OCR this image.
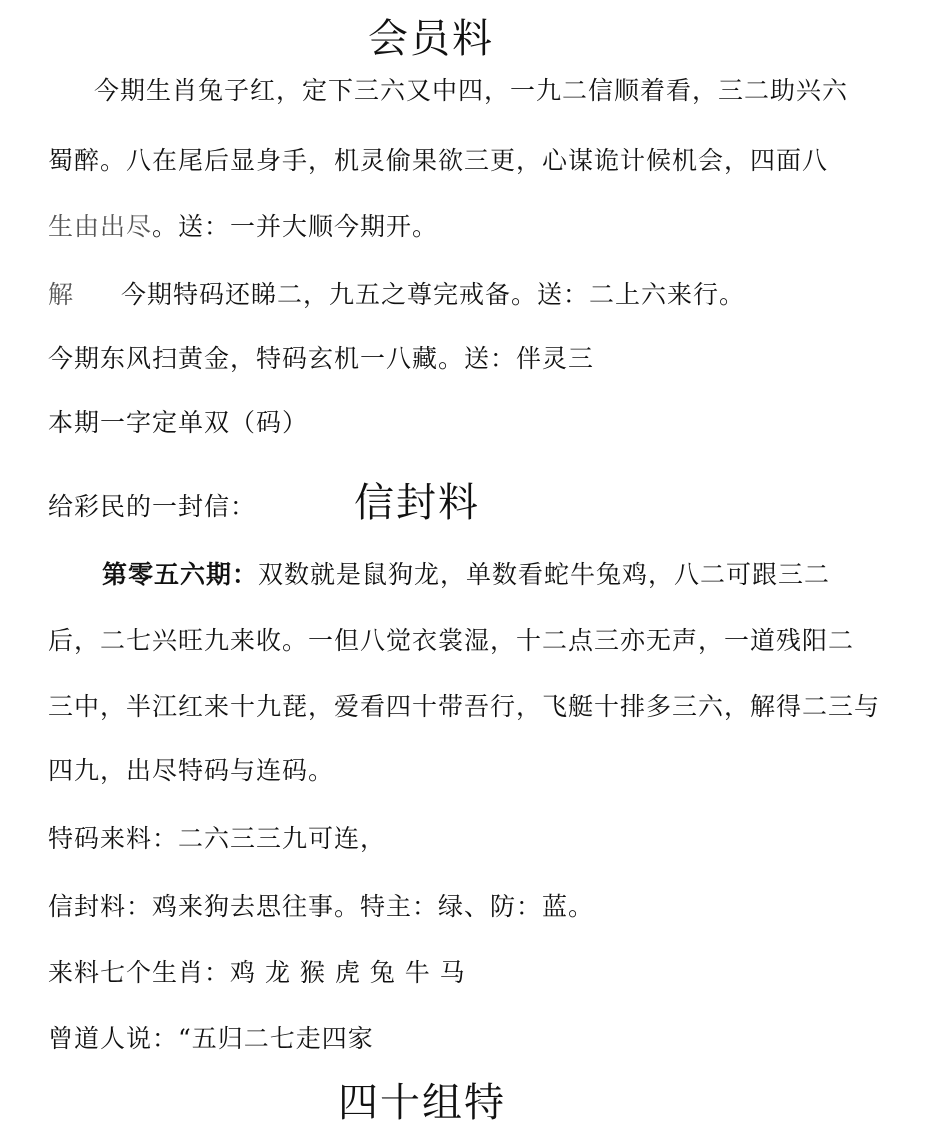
会员料
今期生肖兔子红，定下三六又中四，一九二信顺着看，三二助兴六
蜀醉。八在尾后显身手，机灵偷果欲三更，心谋诡计候机会，四面八
生由出尽。送：一并大顺今期开。
解 今期特码还睇二，九五之尊完戒备。送：二上六来行。
今期东风扫黄金，特码玄机一八藏。送：伴灵三
本期一字定单双（码）
给彩民的一封信： 信封料
第零五六期：双数就是鼠狗龙，单数看蛇牛兔鸡，八二可跟三二
后，二七兴旺九来收。一但八觉衣裳湿，十二点三亦无声，一道残阳二
三中，半江红来十九琵，爱看四十带吾行，飞艇十排多三六，解得二三与
四九，出尽特码与连码。
特码来料：二六三三九可连，
信封料：鸡来狗去思往事。特主：绿、防：蓝。
来料七个生肖：鸡 龙 猴 虎 兔 牛 马
曾道人说：“五归二七走四家
四十组特
